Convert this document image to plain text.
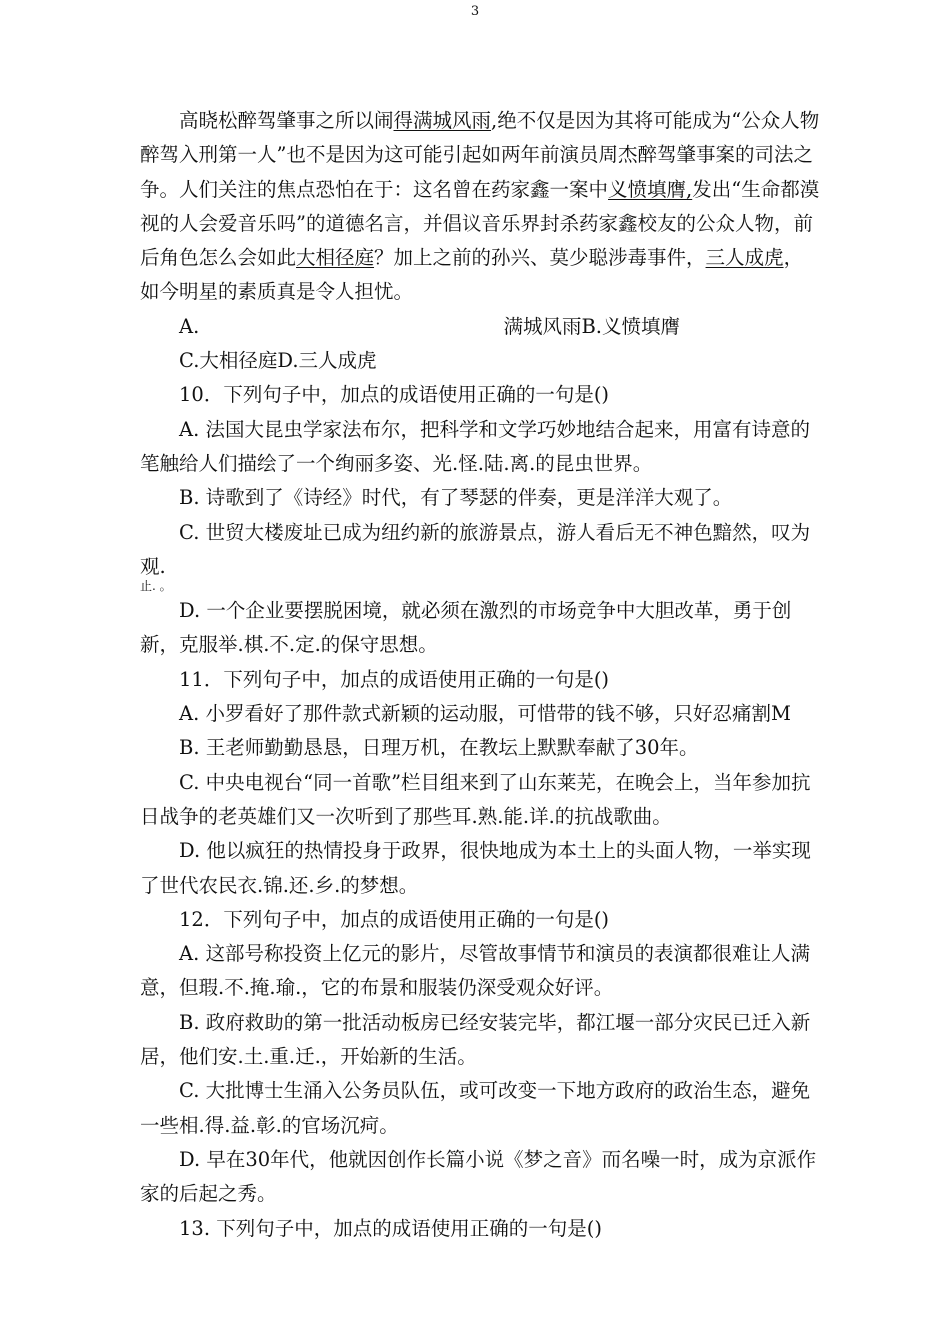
3

高晓松醉驾肇事之所以闹得满城风雨,绝不仅是因为其将可能成为“公众人物醉驾入刑第一人”也不是因为这可能引起如两年前演员周杰醉驾肇事案的司法之争。人们关注的焦点恐怕在于：这名曾在药家鑫一案中义愤填膺,发出“生命都漠视的人会爱音乐吗”的道德名言，并倡议音乐界封杀药家鑫校友的公众人物，前后角色怎么会如此大相径庭？加上之前的孙兴、莫少聪涉毒事件，三人成虎，如今明星的素质真是令人担忧。

A.	满城风雨B.义愤填膺

C.大相径庭D.三人成虎

10．下列句子中，加点的成语使用正确的一句是()

A. 法国大昆虫学家法布尔，把科学和文学巧妙地结合起来，用富有诗意的笔触给人们描绘了一个绚丽多姿、光.怪.陆.离.的昆虫世界。

B. 诗歌到了《诗经》时代，有了琴瑟的伴奏，更是洋洋大观了。

C. 世贸大楼废址已成为纽约新的旅游景点，游人看后无不神色黯然，叹为观.

止. 。

D. 一个企业要摆脱困境，就必须在激烈的市场竞争中大胆改革，勇于创新，克服举.棋.不.定.的保守思想。

11．下列句子中，加点的成语使用正确的一句是()

A. 小罗看好了那件款式新颖的运动服，可惜带的钱不够，只好忍痛割M

B. 王老师勤勤恳恳，日理万机，在教坛上默默奉献了30年。

C. 中央电视台“同一首歌”栏目组来到了山东莱芜，在晚会上，当年参加抗日战争的老英雄们又一次听到了那些耳.熟.能.详.的抗战歌曲。

D. 他以疯狂的热情投身于政界，很快地成为本土上的头面人物，一举实现了世代农民衣.锦.还.乡.的梦想。

12．下列句子中，加点的成语使用正确的一句是()

A. 这部号称投资上亿元的影片，尽管故事情节和演员的表演都很难让人满意，但瑕.不.掩.瑜.，它的布景和服装仍深受观众好评。

B. 政府救助的第一批活动板房已经安装完毕，都江堰一部分灾民已迁入新居，他们安.土.重.迁.，开始新的生活。

C. 大批博士生涌入公务员队伍，或可改变一下地方政府的政治生态，避免一些相.得.益.彰.的官场沉疴。

D. 早在30年代，他就因创作长篇小说《梦之音》而名噪一时，成为京派作家的后起之秀。

13. 下列句子中，加点的成语使用正确的一句是()
